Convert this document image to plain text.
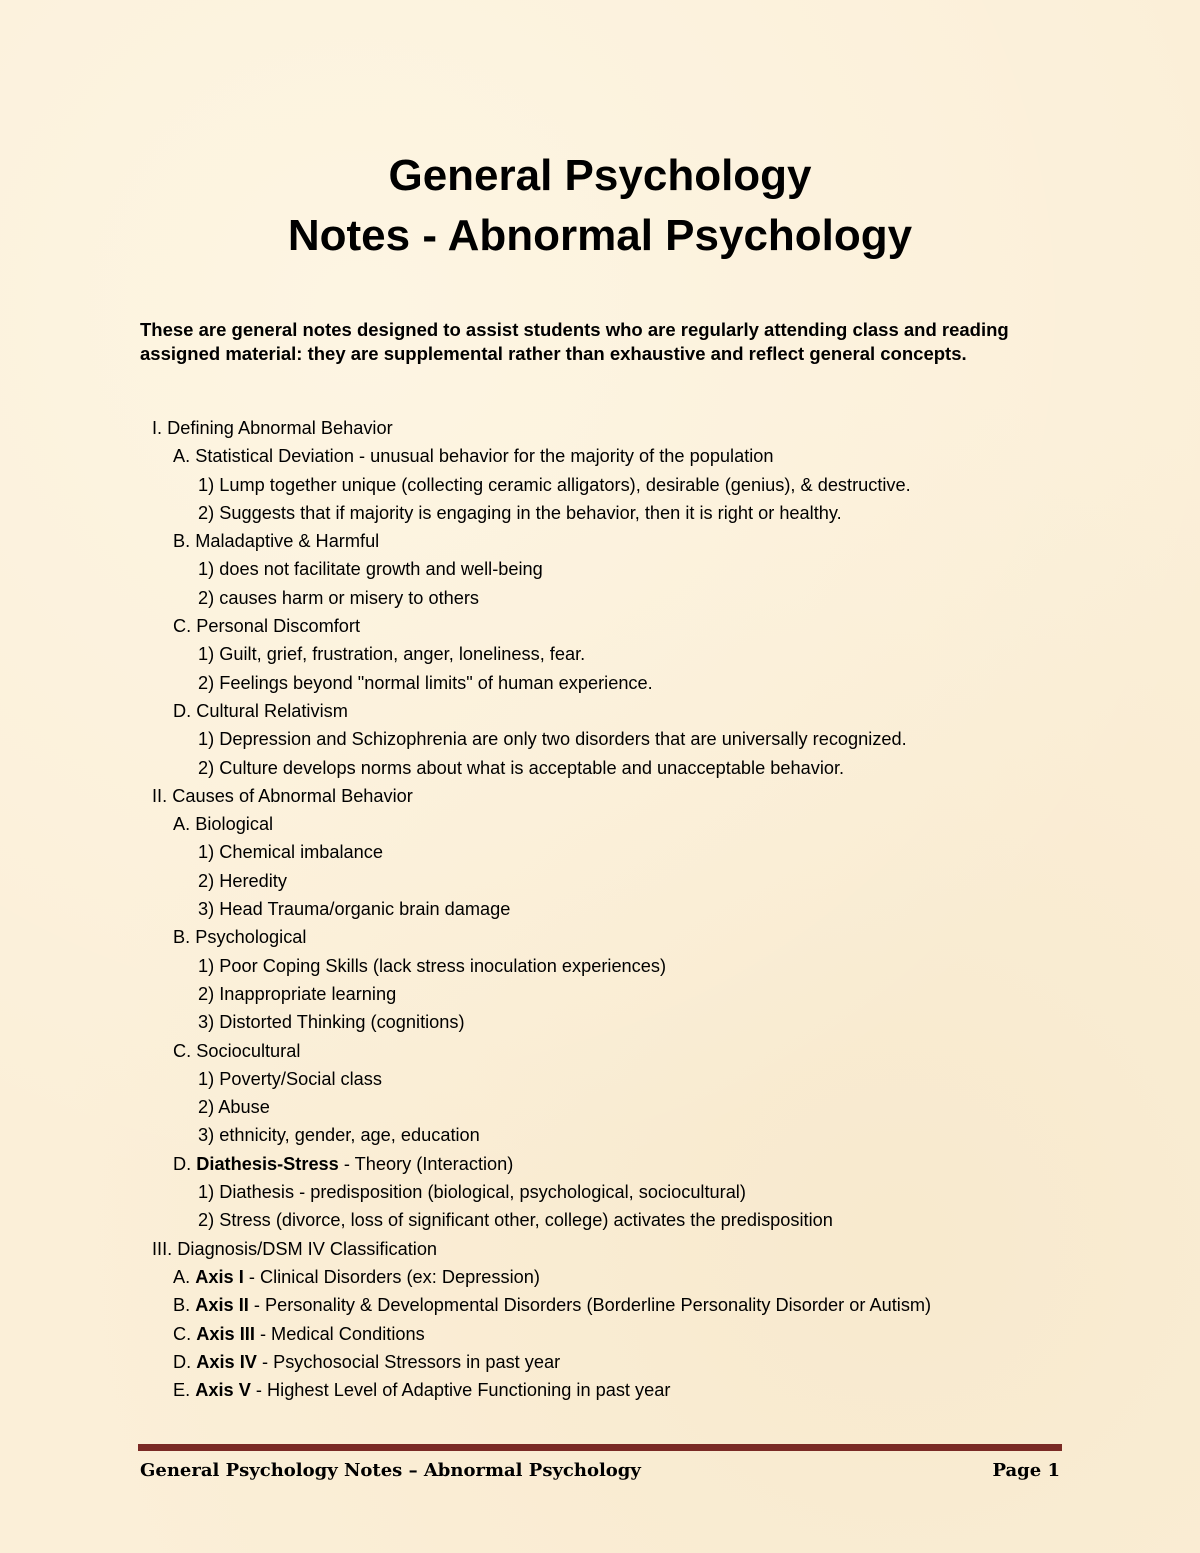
General Psychology
Notes - Abnormal Psychology

These are general notes designed to assist students who are regularly attending class and reading assigned material: they are supplemental rather than exhaustive and reflect general concepts.

I. Defining Abnormal Behavior
A. Statistical Deviation - unusual behavior for the majority of the population
1) Lump together unique (collecting ceramic alligators), desirable (genius), & destructive.
2) Suggests that if majority is engaging in the behavior, then it is right or healthy.
B. Maladaptive & Harmful
1) does not facilitate growth and well-being
2) causes harm or misery to others
C. Personal Discomfort
1) Guilt, grief, frustration, anger, loneliness, fear.
2) Feelings beyond "normal limits" of human experience.
D. Cultural Relativism
1) Depression and Schizophrenia are only two disorders that are universally recognized.
2) Culture develops norms about what is acceptable and unacceptable behavior.
II. Causes of Abnormal Behavior
A. Biological
1) Chemical imbalance
2) Heredity
3) Head Trauma/organic brain damage
B. Psychological
1) Poor Coping Skills (lack stress inoculation experiences)
2) Inappropriate learning
3) Distorted Thinking (cognitions)
C. Sociocultural
1) Poverty/Social class
2) Abuse
3) ethnicity, gender, age, education
D. Diathesis-Stress - Theory (Interaction)
1) Diathesis - predisposition (biological, psychological, sociocultural)
2) Stress (divorce, loss of significant other, college) activates the predisposition
III. Diagnosis/DSM IV Classification
A. Axis I - Clinical Disorders (ex: Depression)
B. Axis II - Personality & Developmental Disorders (Borderline Personality Disorder or Autism)
C. Axis III - Medical Conditions
D. Axis IV - Psychosocial Stressors in past year
E. Axis V - Highest Level of Adaptive Functioning in past year
General Psychology Notes – Abnormal Psychology	Page 1
